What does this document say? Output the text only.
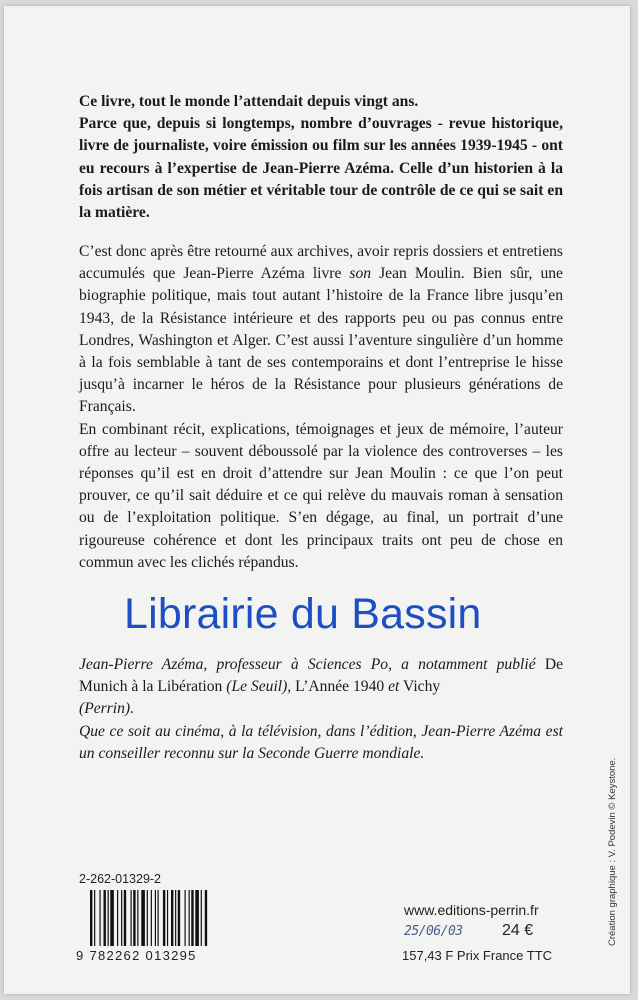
Ce livre, tout le monde l’attendait depuis vingt ans.

Parce que, depuis si longtemps, nombre d’ouvrages - revue historique, livre de journaliste, voire émission ou film sur les années 1939-1945 - ont eu recours à l’expertise de Jean-Pierre Azéma. Celle d’un historien à la fois artisan de son métier et véritable tour de contrôle de ce qui se sait en la matière.

C’est donc après être retourné aux archives, avoir repris dossiers et entretiens accumulés que Jean-Pierre Azéma livre son Jean Moulin. Bien sûr, une biographie politique, mais tout autant l’histoire de la France libre jusqu’en 1943, de la Résistance intérieure et des rapports peu ou pas connus entre Londres, Washington et Alger. C’est aussi l’aventure singulière d’un homme à la fois semblable à tant de ses contemporains et dont l’entreprise le hisse jusqu’à incarner le héros de la Résistance pour plusieurs générations de Français.

En combinant récit, explications, témoignages et jeux de mémoire, l’auteur offre au lecteur – souvent déboussolé par la violence des controverses – les réponses qu’il est en droit d’attendre sur Jean Moulin : ce que l’on peut prouver, ce qu’il sait déduire et ce qui relève du mauvais roman à sensation ou de l’exploitation politique. S’en dégage, au final, un portrait d’une rigoureuse cohérence et dont les principaux traits ont peu de chose en commun avec les clichés répandus.

Jean-Pierre Azéma, professeur à Sciences Po, a notamment publié De Munich à la Libération (Le Seuil), L’Année 1940 et Vichy
(Perrin).

Que ce soit au cinéma, à la télévision, dans l’édition, Jean-Pierre Azéma est un conseiller reconnu sur la Seconde Guerre mondiale.

Librairie du Bassin
Création graphique : V. Podevin © Keystone.
2-262-01329-2
9 782262 013295
www.editions-perrin.fr
25/06/03 24 €
157,43 F Prix France TTC
